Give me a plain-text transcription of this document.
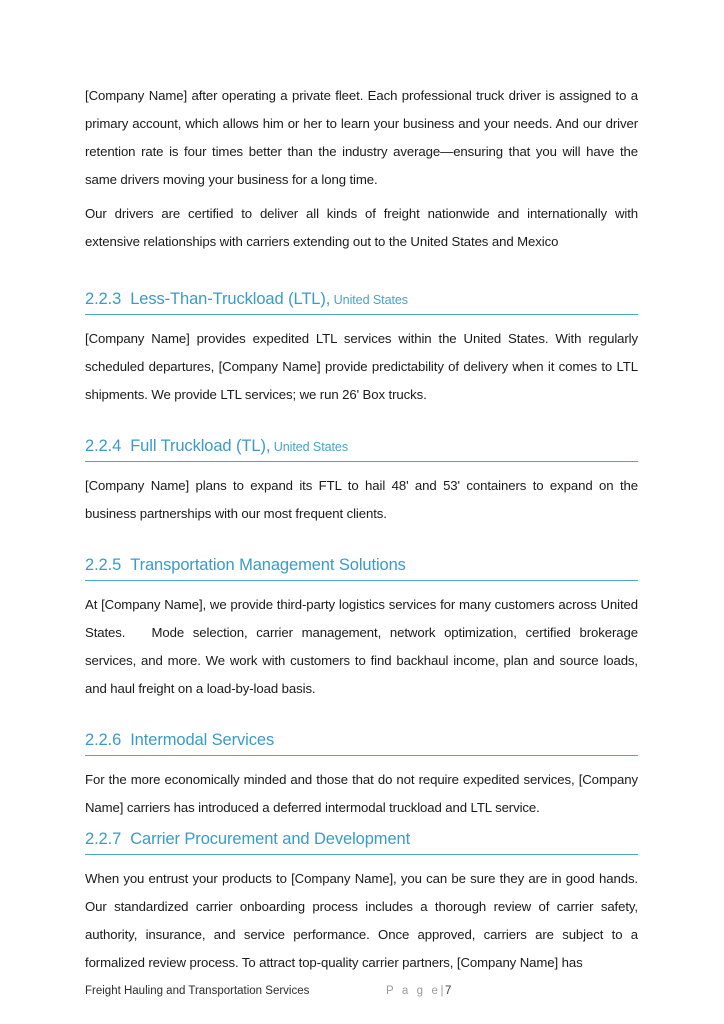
[Company Name] after operating a private fleet. Each professional truck driver is assigned to a primary account, which allows him or her to learn your business and your needs. And our driver retention rate is four times better than the industry average—ensuring that you will have the same drivers moving your business for a long time.

Our drivers are certified to deliver all kinds of freight nationwide and internationally with extensive relationships with carriers extending out to the United States and Mexico

2.2.3 Less-Than-Truckload (LTL), United States

[Company Name] provides expedited LTL services within the United States. With regularly scheduled departures, [Company Name] provide predictability of delivery when it comes to LTL shipments. We provide LTL services; we run 26' Box trucks.

2.2.4 Full Truckload (TL), United States

[Company Name] plans to expand its FTL to hail 48' and 53' containers to expand on the business partnerships with our most frequent clients.

2.2.5 Transportation Management Solutions

At [Company Name], we provide third-party logistics services for many customers across United States.   Mode selection, carrier management, network optimization, certified brokerage services, and more. We work with customers to find backhaul income, plan and source loads, and haul freight on a load-by-load basis.

2.2.6 Intermodal Services

For the more economically minded and those that do not require expedited services, [Company Name] carriers has introduced a deferred intermodal truckload and LTL service.

2.2.7 Carrier Procurement and Development

When you entrust your products to [Company Name], you can be sure they are in good hands. Our standardized carrier onboarding process includes a thorough review of carrier safety, authority, insurance, and service performance. Once approved, carriers are subject to a formalized review process. To attract top-quality carrier partners, [Company Name] has

Freight Hauling and Transportation Services	P a g e|7
